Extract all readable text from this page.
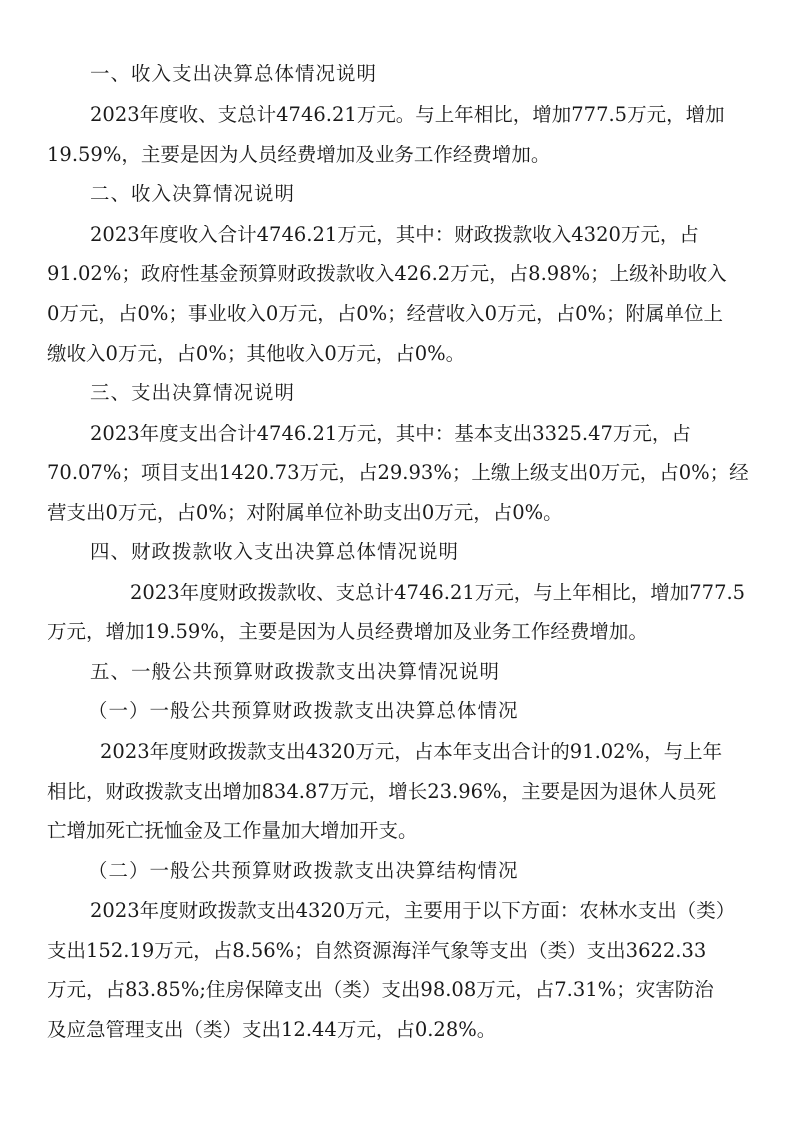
一、收入支出决算总体情况说明

2023年度收、支总计4746.21万元。与上年相比，增加777.5万元，增加

19.59%，主要是因为人员经费增加及业务工作经费增加。

二、收入决算情况说明

2023年度收入合计4746.21万元，其中：财政拨款收入4320万元，占

91.02%；政府性基金预算财政拨款收入426.2万元，占8.98%；上级补助收入

0万元，占0%；事业收入0万元，占0%；经营收入0万元，占0%；附属单位上

缴收入0万元，占0%；其他收入0万元，占0%。

三、支出决算情况说明

2023年度支出合计4746.21万元，其中：基本支出3325.47万元，占

70.07%；项目支出1420.73万元，占29.93%；上缴上级支出0万元，占0%；经

营支出0万元，占0%；对附属单位补助支出0万元，占0%。

四、财政拨款收入支出决算总体情况说明

2023年度财政拨款收、支总计4746.21万元，与上年相比，增加777.5

万元，增加19.59%，主要是因为人员经费增加及业务工作经费增加。

五、一般公共预算财政拨款支出决算情况说明

（一）一般公共预算财政拨款支出决算总体情况

2023年度财政拨款支出4320万元，占本年支出合计的91.02%，与上年

相比，财政拨款支出增加834.87万元，增长23.96%，主要是因为退休人员死

亡增加死亡抚恤金及工作量加大增加开支。

（二）一般公共预算财政拨款支出决算结构情况

2023年度财政拨款支出4320万元，主要用于以下方面：农林水支出（类）

支出152.19万元，占8.56%；自然资源海洋气象等支出（类）支出3622.33

万元，占83.85%;住房保障支出（类）支出98.08万元，占7.31%；灾害防治

及应急管理支出（类）支出12.44万元，占0.28%。
